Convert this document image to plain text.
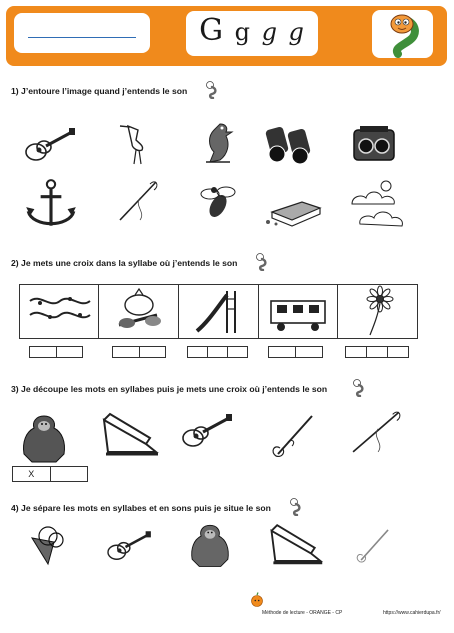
G g g g
1) J’entoure l’image quand j’entends le son
2) Je mets une croix dans la syllabe où j’entends le son
3) Je découpe les mots en syllabes puis je mets une croix où j’entends le son
X
4) Je sépare les mots en syllabes et en sons puis je situe le son
Méthode de lecture - ORANGE - CP	https://www.cahierdupa.fr/
